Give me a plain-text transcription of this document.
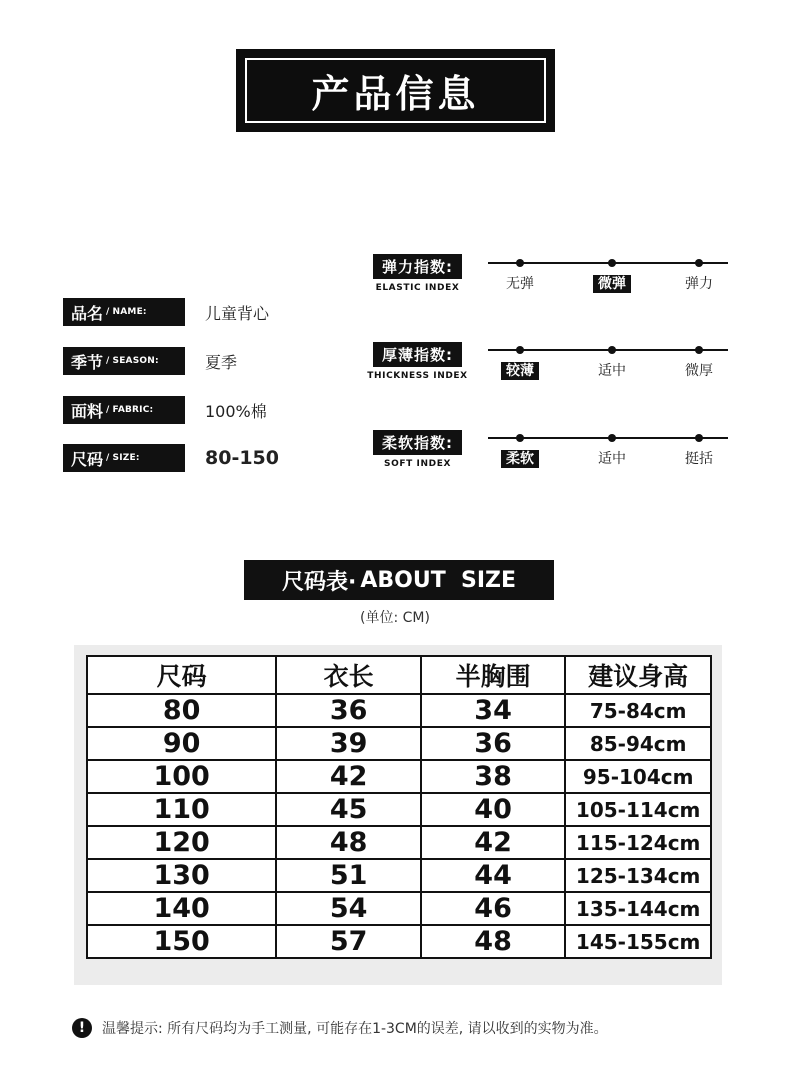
产品信息
品名 / NAME:	儿童背心
季节 / SEASON:	夏季
面料 / FABRIC:	100%棉
尺码 / SIZE:	80-150
弹力指数:
ELASTIC INDEX	无弹	微弹	弹力
厚薄指数:
THICKNESS INDEX	较薄	适中	微厚
柔软指数:
SOFT INDEX	柔软	适中	挺括
尺码表· ABOUT  SIZE
(单位: CM)
尺码	衣长	半胸围	建议身高
80	36	34	75-84cm
90	39	36	85-94cm
100	42	38	95-104cm
110	45	40	105-114cm
120	48	42	115-124cm
130	51	44	125-134cm
140	54	46	135-144cm
150	57	48	145-155cm
!	温馨提示: 所有尺码均为手工测量, 可能存在1-3CM的误差, 请以收到的实物为准。
